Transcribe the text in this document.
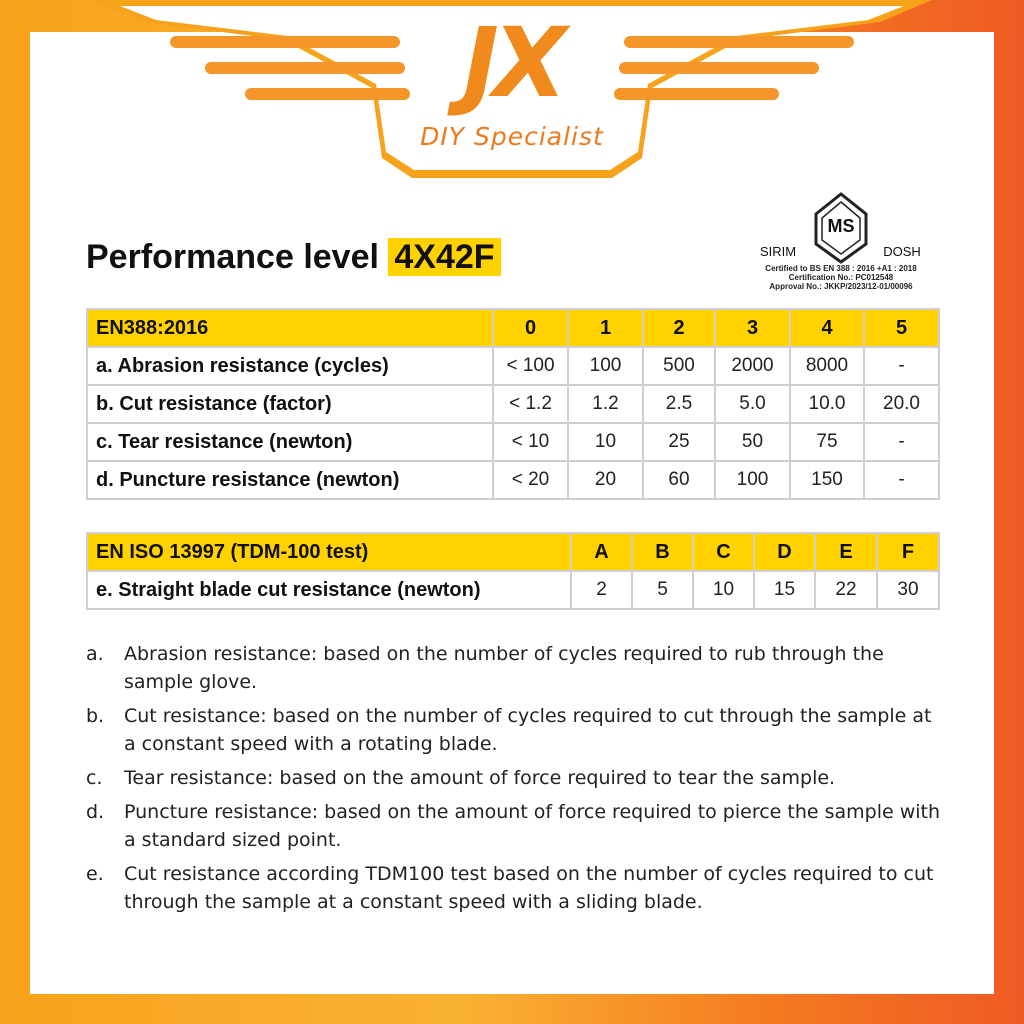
JX
DIY Specialist
Performance level 4X42F
MS
SIRIM	DOSH
Certified to BS EN 388 : 2016 +A1 : 2018
Certification No.: PC012548
Approval No.: JKKP/2023/12-01/00096
EN388:2016	0	1	2	3	4	5
a. Abrasion resistance (cycles)	< 100	100	500	2000	8000	-
b. Cut resistance (factor)	< 1.2	1.2	2.5	5.0	10.0	20.0
c. Tear resistance (newton)	< 10	10	25	50	75	-
d. Puncture resistance (newton)	< 20	20	60	100	150	-
EN ISO 13997 (TDM-100 test)	A	B	C	D	E	F
e. Straight blade cut resistance (newton)	2	5	10	15	22	30
a.	Abrasion resistance: based on the number of cycles required to rub through the sample glove.
b.	Cut resistance: based on the number of cycles required to cut through the sample at a constant speed with a rotating blade.
c.	Tear resistance: based on the amount of force required to tear the sample.
d.	Puncture resistance: based on the amount of force required to pierce the sample with a standard sized point.
e.	Cut resistance according TDM100 test based on the number of cycles required to cut through the sample at a constant speed with a sliding blade.
